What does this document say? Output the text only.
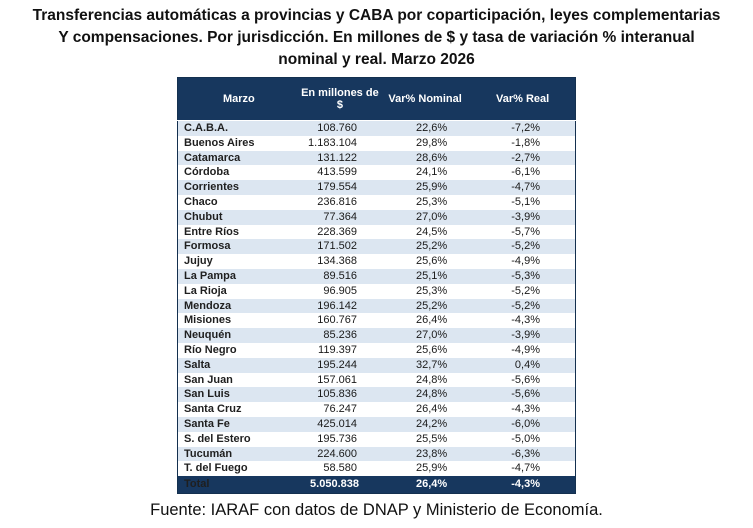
Transferencias automáticas a provincias y CABA por coparticipación, leyes complementarias
Y compensaciones. Por jurisdicción. En millones de $ y tasa de variación % interanual
nominal y real. Marzo 2026
Marzo	En millones de $	Var% Nominal	Var% Real
C.A.B.A.	108.760	22,6%	-7,2%
Buenos Aires	1.183.104	29,8%	-1,8%
Catamarca	131.122	28,6%	-2,7%
Córdoba	413.599	24,1%	-6,1%
Corrientes	179.554	25,9%	-4,7%
Chaco	236.816	25,3%	-5,1%
Chubut	77.364	27,0%	-3,9%
Entre Ríos	228.369	24,5%	-5,7%
Formosa	171.502	25,2%	-5,2%
Jujuy	134.368	25,6%	-4,9%
La Pampa	89.516	25,1%	-5,3%
La Rioja	96.905	25,3%	-5,2%
Mendoza	196.142	25,2%	-5,2%
Misiones	160.767	26,4%	-4,3%
Neuquén	85.236	27,0%	-3,9%
Río Negro	119.397	25,6%	-4,9%
Salta	195.244	32,7%	0,4%
San Juan	157.061	24,8%	-5,6%
San Luis	105.836	24,8%	-5,6%
Santa Cruz	76.247	26,4%	-4,3%
Santa Fe	425.014	24,2%	-6,0%
S. del Estero	195.736	25,5%	-5,0%
Tucumán	224.600	23,8%	-6,3%
T. del Fuego	58.580	25,9%	-4,7%
Total	5.050.838	26,4%	-4,3%
Fuente: IARAF con datos de DNAP y Ministerio de Economía.
